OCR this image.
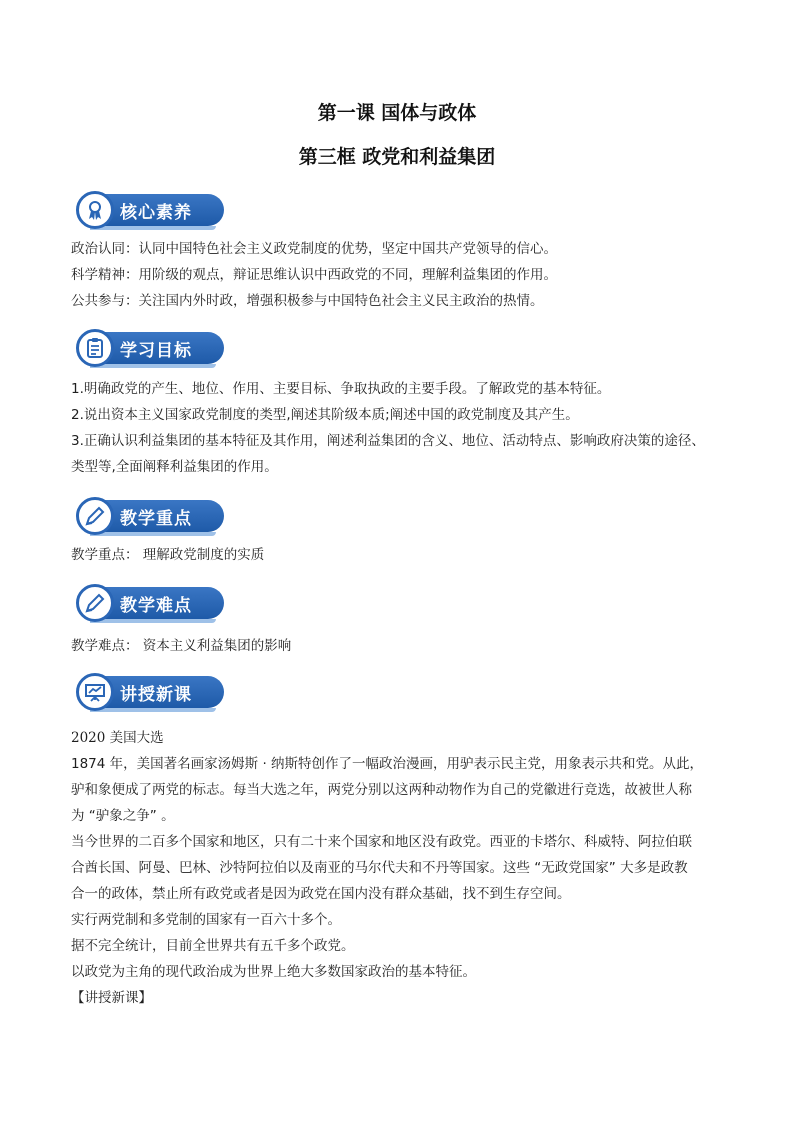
第一课 国体与政体
第三框 政党和利益集团
核心素养

政治认同：认同中国特色社会主义政党制度的优势，坚定中国共产党领导的信心。

科学精神：用阶级的观点，辩证思维认识中西政党的不同，理解利益集团的作用。

公共参与：关注国内外时政，增强积极参与中国特色社会主义民主政治的热情。

学习目标

1.明确政党的产生、地位、作用、主要目标、争取执政的主要手段。了解政党的基本特征。

2.说出资本主义国家政党制度的类型,阐述其阶级本质;阐述中国的政党制度及其产生。

3.正确认识利益集团的基本特征及其作用，阐述利益集团的含义、地位、活动特点、影响政府决策的途径、

类型等,全面阐释利益集团的作用。

教学重点

教学重点： 理解政党制度的实质

教学难点

教学难点： 资本主义利益集团的影响

讲授新课

2020 美国大选

1874 年，美国著名画家汤姆斯 · 纳斯特创作了一幅政治漫画，用驴表示民主党，用象表示共和党。从此，

驴和象便成了两党的标志。每当大选之年，两党分别以这两种动物作为自己的党徽进行竞选，故被世人称

为 “驴象之争” 。

当今世界的二百多个国家和地区，只有二十来个国家和地区没有政党。西亚的卡塔尔、科威特、阿拉伯联

合酋长国、阿曼、巴林、沙特阿拉伯以及南亚的马尔代夫和不丹等国家。这些 “无政党国家” 大多是政教

合一的政体，禁止所有政党或者是因为政党在国内没有群众基础，找不到生存空间。

实行两党制和多党制的国家有一百六十多个。

据不完全统计，目前全世界共有五千多个政党。

以政党为主角的现代政治成为世界上绝大多数国家政治的基本特征。

【讲授新课】
